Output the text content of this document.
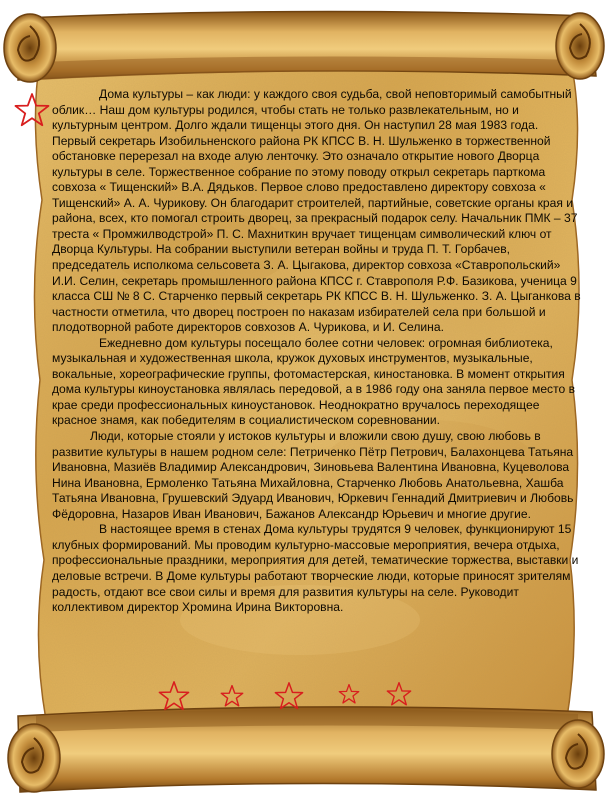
Дома культуры – как люди: у каждого своя судьба, свой неповторимый самобытный облик… Наш дом культуры родился, чтобы стать не только развлекательным, но и культурным центром. Долго ждали тищенцы этого дня. Он наступил 28 мая 1983 года. Первый секретарь Изобильненского района РК КПСС В. Н. Шульженко в торжественной обстановке перерезал на входе алую ленточку. Это означало открытие нового Дворца культуры в селе. Торжественное собрание по этому поводу открыл секретарь парткома совхоза « Тищенский» В.А. Дядьков. Первое слово предоставлено директору совхоза « Тищенский» А. А. Чурикову. Он благодарит строителей, партийные, советские органы края и района, всех, кто помогал строить дворец, за прекрасный подарок селу. Начальник ПМК – 37 треста « Промжилводстрой» П. С. Махниткин вручает тищенцам символический ключ от Дворца Культуры. На собрании выступили ветеран войны и труда П. Т. Горбачев, председатель исполкома сельсовета З. А. Цыгакова, директор совхоза «Ставропольский» И.И. Селин, секретарь промышленного района КПСС г. Ставрополя Р.Ф. Базикова, ученица 9 класса СШ № 8 С. Старченко первый секретарь РК КПСС В. Н. Шульженко. З. А. Цыганкова в частности отметила, что дворец построен по наказам избирателей села при большой и плодотворной работе директоров совхозов А. Чурикова, и И. Селина.

Ежедневно дом культуры посещало более сотни человек: огромная библиотека, музыкальная и художественная школа, кружок духовых инструментов, музыкальные, вокальные, хореографические группы, фотомастерская, киностановка. В момент открытия дома культуры киноустановка являлась передовой, а в 1986 году она заняла первое место в крае среди профессиональных киноустановок. Неоднократно вручалось переходящее красное знамя, как победителям в социалистическом соревновании.

Люди, которые стояли у истоков культуры и вложили свою душу, свою любовь в развитие культуры в нашем родном селе: Петриченко Пётр Петрович, Балахонцева Татьяна Ивановна, Мазиёв Владимир Александрович, Зиновьева Валентина Ивановна, Куцеволова Нина Ивановна, Ермоленко Татьяна Михайловна, Старченко Любовь Анатольевна, Хашба Татьяна Ивановна, Грушевский Эдуард Иванович, Юркевич Геннадий Дмитриевич и Любовь Фёдоровна, Назаров Иван Иванович, Бажанов Александр Юрьевич и многие другие.

В настоящее время в стенах Дома культуры трудятся 9 человек, функционируют 15 клубных формирований. Мы проводим культурно-массовые мероприятия, вечера отдыха, профессиональные праздники, мероприятия для детей, тематические торжества, выставки и деловые встречи. В Доме культуры работают творческие люди, которые приносят зрителям радость, отдают все свои силы и время для развития культуры на селе. Руководит коллективом директор Хромина Ирина Викторовна.
